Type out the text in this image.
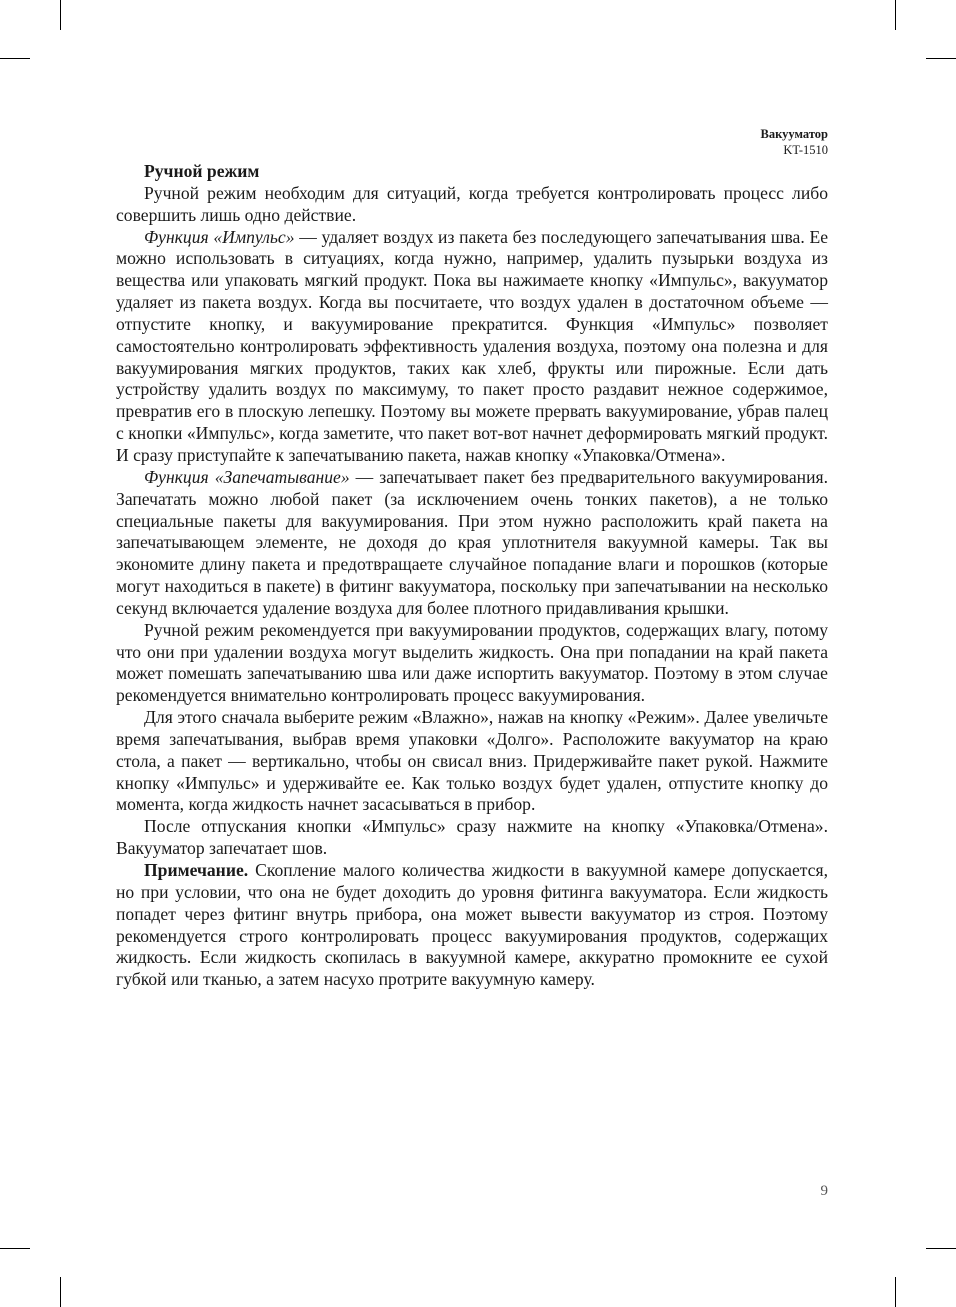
Вакууматор
KT-1510
Ручной режим

Ручной режим необходим для ситуаций, когда требуется контролировать процесс либо совершить лишь одно действие.

Функция «Импульс» — удаляет воздух из пакета без последующего запечатывания шва. Ее можно использовать в ситуациях, когда нужно, например, удалить пузырьки воздуха из вещества или упаковать мягкий продукт. Пока вы нажимаете кнопку «Импульс», вакууматор удаляет из пакета воздух. Когда вы посчитаете, что воздух удален в достаточном объеме — отпустите кнопку, и вакуумирование прекратится. Функция «Импульс» позволяет самостоятельно контролировать эффективность удаления воздуха, поэтому она полезна и для вакуумирования мягких продуктов, таких как хлеб, фрукты или пирожные. Если дать устройству удалить воздух по максимуму, то пакет просто раздавит нежное содержимое, превратив его в плоскую лепешку. Поэтому вы можете прервать вакуумирование, убрав палец с кнопки «Импульс», когда заметите, что пакет вот-вот начнет деформировать мягкий продукт. И сразу приступайте к запечатыванию пакета, нажав кнопку «Упаковка/Отмена».

Функция «Запечатывание» — запечатывает пакет без предварительного вакуумирования. Запечатать можно любой пакет (за исключением очень тонких пакетов), а не только специальные пакеты для вакуумирования. При этом нужно расположить край пакета на запечатывающем элементе, не доходя до края уплотнителя вакуумной камеры. Так вы экономите длину пакета и предотвращаете случайное попадание влаги и порошков (которые могут находиться в пакете) в фитинг вакууматора, поскольку при запечатывании на несколько секунд включается удаление воздуха для более плотного придавливания крышки.

Ручной режим рекомендуется при вакуумировании продуктов, содержащих влагу, потому что они при удалении воздуха могут выделить жидкость. Она при попадании на край пакета может помешать запечатыванию шва или даже испортить вакууматор. Поэтому в этом случае рекомендуется внимательно контролировать процесс вакуумирования.

Для этого сначала выберите режим «Влажно», нажав на кнопку «Режим». Далее увеличьте время запечатывания, выбрав время упаковки «Долго». Расположите вакууматор на краю стола, а пакет — вертикально, чтобы он свисал вниз. Придерживайте пакет рукой. Нажмите кнопку «Импульс» и удерживайте ее. Как только воздух будет удален, отпустите кнопку до момента, когда жидкость начнет засасываться в прибор.

После отпускания кнопки «Импульс» сразу нажмите на кнопку «Упаковка/Отмена». Вакууматор запечатает шов.

Примечание. Скопление малого количества жидкости в вакуумной камере допускается, но при условии, что она не будет доходить до уровня фитинга вакууматора. Если жидкость попадет через фитинг внутрь прибора, она может вывести вакууматор из строя. Поэтому рекомендуется строго контролировать процесс вакуумирования продуктов, содержащих жидкость. Если жидкость скопилась в вакуумной камере, аккуратно промокните ее сухой губкой или тканью, а затем насухо протрите вакуумную камеру.

9
